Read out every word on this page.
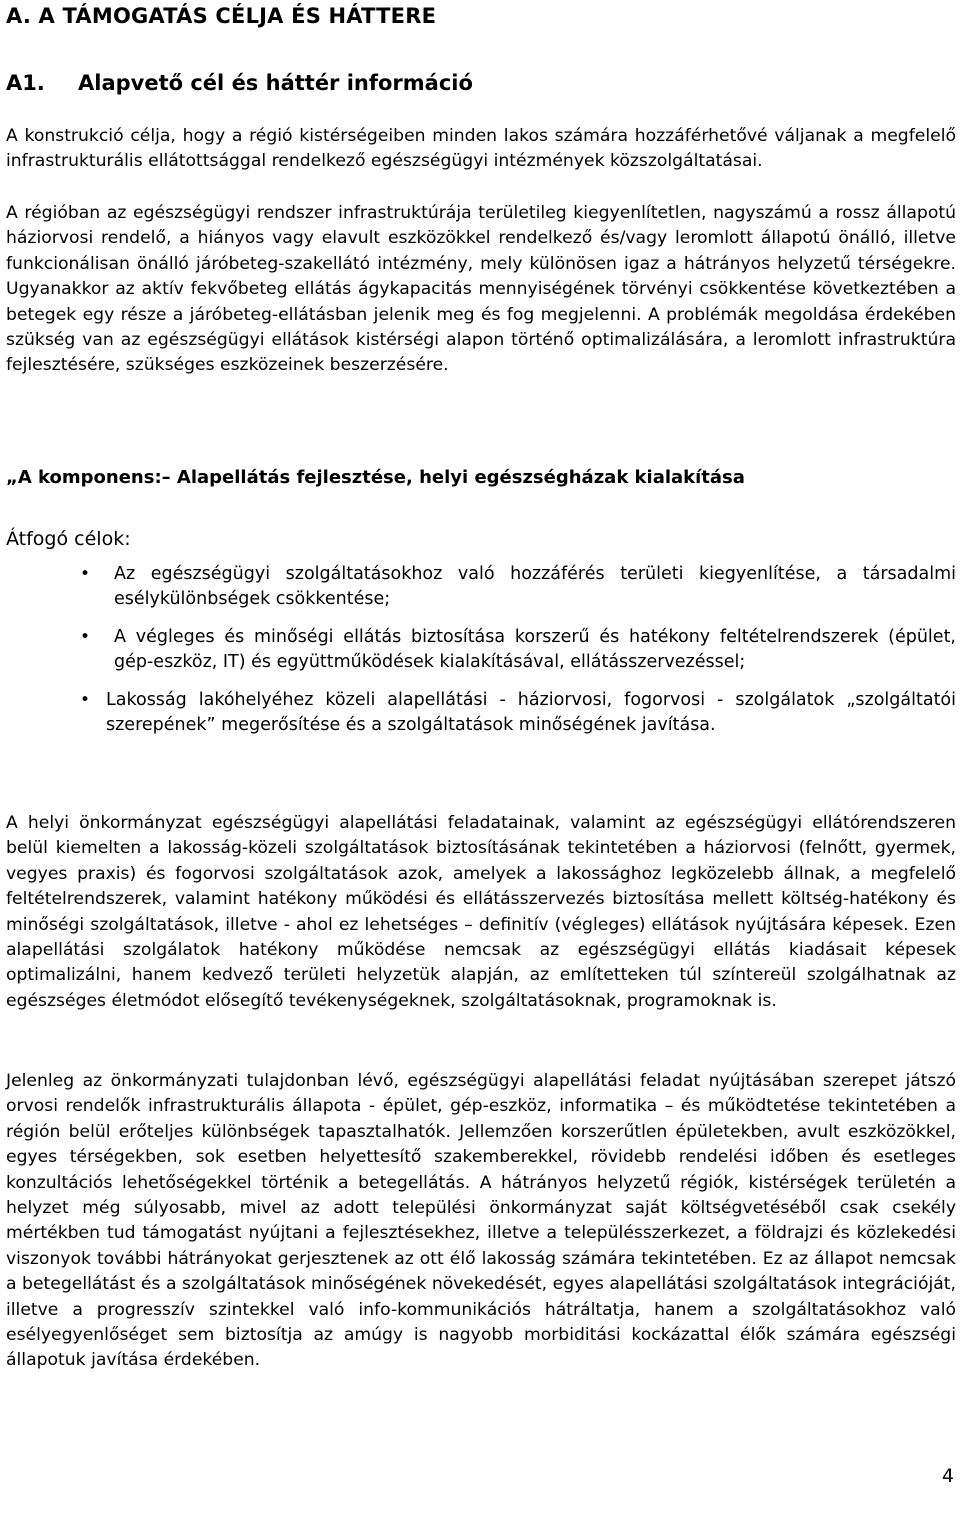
A. A TÁMOGATÁS CÉLJA ÉS HÁTTERE
A1. Alapvető cél és háttér információ

A konstrukció célja, hogy a régió kistérségeiben minden lakos számára hozzáférhetővé váljanak a megfelelő infrastrukturális ellátottsággal rendelkező egészségügyi intézmények közszolgáltatásai.

A régióban az egészségügyi rendszer infrastruktúrája területileg kiegyenlítetlen, nagyszámú a rossz állapotú háziorvosi rendelő, a hiányos vagy elavult eszközökkel rendelkező és/vagy leromlott állapotú önálló, illetve funkcionálisan önálló járóbeteg-szakellátó intézmény, mely különösen igaz a hátrányos helyzetű térségekre. Ugyanakkor az aktív fekvőbeteg ellátás ágykapacitás mennyiségének törvényi csökkentése következtében a betegek egy része a járóbeteg-ellátásban jelenik meg és fog megjelenni. A problémák megoldása érdekében szükség van az egészségügyi ellátások kistérségi alapon történő optimalizálására, a leromlott infrastruktúra fejlesztésére, szükséges eszközeinek beszerzésére.

„A komponens:– Alapellátás fejlesztése, helyi egészségházak kialakítása

Átfogó célok:

• Az egészségügyi szolgáltatásokhoz való hozzáférés területi kiegyenlítése, a társadalmi esélykülönbségek csökkentése;
• A végleges és minőségi ellátás biztosítása korszerű és hatékony feltételrendszerek (épület, gép-eszköz, IT) és együttműködések kialakításával, ellátásszervezéssel;
• Lakosság lakóhelyéhez közeli alapellátási - háziorvosi, fogorvosi - szolgálatok „szolgáltatói szerepének” megerősítése és a szolgáltatások minőségének javítása.

A helyi önkormányzat egészségügyi alapellátási feladatainak, valamint az egészségügyi ellátórendszeren belül kiemelten a lakosság-közeli szolgáltatások biztosításának tekintetében a háziorvosi (felnőtt, gyermek, vegyes praxis) és fogorvosi szolgáltatások azok, amelyek a lakossághoz legközelebb állnak, a megfelelő feltételrendszerek, valamint hatékony működési és ellátásszervezés biztosítása mellett költség-hatékony és minőségi szolgáltatások, illetve - ahol ez lehetséges – definitív (végleges) ellátások nyújtására képesek. Ezen alapellátási szolgálatok hatékony működése nemcsak az egészségügyi ellátás kiadásait képesek optimalizálni, hanem kedvező területi helyzetük alapján, az említetteken túl színtereül szolgálhatnak az egészséges életmódot elősegítő tevékenységeknek, szolgáltatásoknak, programoknak is.

Jelenleg az önkormányzati tulajdonban lévő, egészségügyi alapellátási feladat nyújtásában szerepet játszó orvosi rendelők infrastrukturális állapota - épület, gép-eszköz, informatika – és működtetése tekintetében a régión belül erőteljes különbségek tapasztalhatók. Jellemzően korszerűtlen épületekben, avult eszközökkel, egyes térségekben, sok esetben helyettesítő szakemberekkel, rövidebb rendelési időben és esetleges konzultációs lehetőségekkel történik a betegellátás. A hátrányos helyzetű régiók, kistérségek területén a helyzet még súlyosabb, mivel az adott települési önkormányzat saját költségvetéséből csak csekély mértékben tud támogatást nyújtani a fejlesztésekhez, illetve a településszerkezet, a földrajzi és közlekedési viszonyok további hátrányokat gerjesztenek az ott élő lakosság számára tekintetében. Ez az állapot nemcsak a betegellátást és a szolgáltatások minőségének növekedését, egyes alapellátási szolgáltatások integrációját, illetve a progresszív szintekkel való info-kommunikációs hátráltatja, hanem a szolgáltatásokhoz való esélyegyenlőséget sem biztosítja az amúgy is nagyobb morbiditási kockázattal élők számára egészségi állapotuk javítása érdekében.

4
